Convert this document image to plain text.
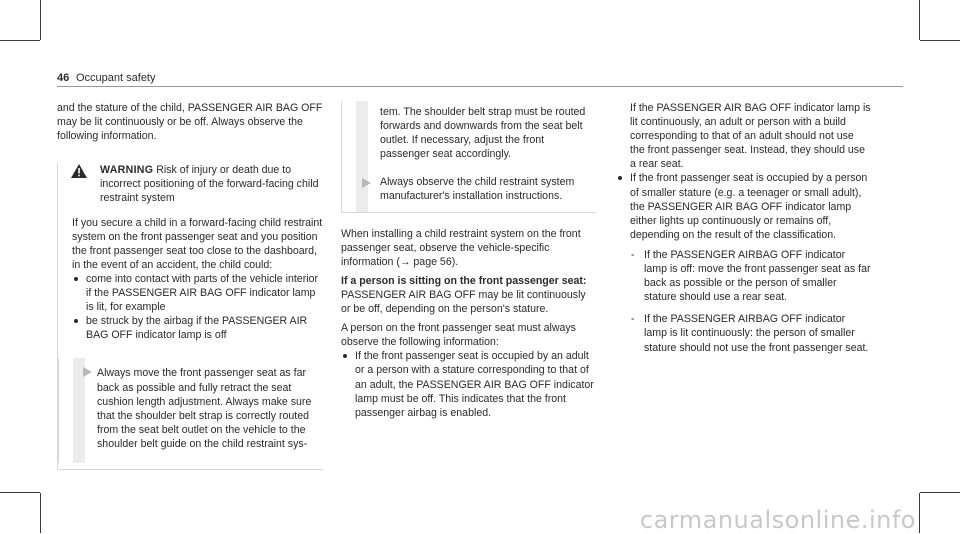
46 Occupant safety

and the stature of the child, PASSENGER AIR BAG OFF may be lit continuously or be off. Always observe the following information.

WARNING Risk of injury or death due to incorrect positioning of the forward-facing child restraint system

If you secure a child in a forward-facing child restraint system on the front passenger seat and you position the front passenger seat too close to the dashboard, in the event of an accident, the child could:

come into contact with parts of the vehicle interior if the PASSENGER AIR BAG OFF indicator lamp is lit, for example
be struck by the airbag if the PASSENGER AIR BAG OFF indicator lamp is off

Always move the front passenger seat as far back as possible and fully retract the seat cushion length adjustment. Always make sure that the shoulder belt strap is correctly routed from the seat belt outlet on the vehicle to the shoulder belt guide on the child restraint sys-

tem. The shoulder belt strap must be routed forwards and downwards from the seat belt outlet. If necessary, adjust the front passenger seat accordingly.

Always observe the child restraint system manufacturer's installation instructions.

When installing a child restraint system on the front passenger seat, observe the vehicle-specific information (→ page 56).

If a person is sitting on the front passenger seat: PASSENGER AIR BAG OFF may be lit continuously or be off, depending on the person's stature.

A person on the front passenger seat must always observe the following information:

If the front passenger seat is occupied by an adult or a person with a stature corresponding to that of an adult, the PASSENGER AIR BAG OFF indicator lamp must be off. This indicates that the front passenger airbag is enabled.
If the PASSENGER AIR BAG OFF indicator lamp is lit continuously, an adult or person with a build corresponding to that of an adult should not use the front passenger seat. Instead, they should use a rear seat.
If the front passenger seat is occupied by a person of smaller stature (e.g. a teenager or small adult), the PASSENGER AIR BAG OFF indicator lamp either lights up continuously or remains off, depending on the result of the classification.
- If the PASSENGER AIRBAG OFF indicator lamp is off: move the front passenger seat as far back as possible or the person of smaller stature should use a rear seat.
- If the PASSENGER AIRBAG OFF indicator lamp is lit continuously: the person of smaller stature should not use the front passenger seat.
carmanualsonline.info
